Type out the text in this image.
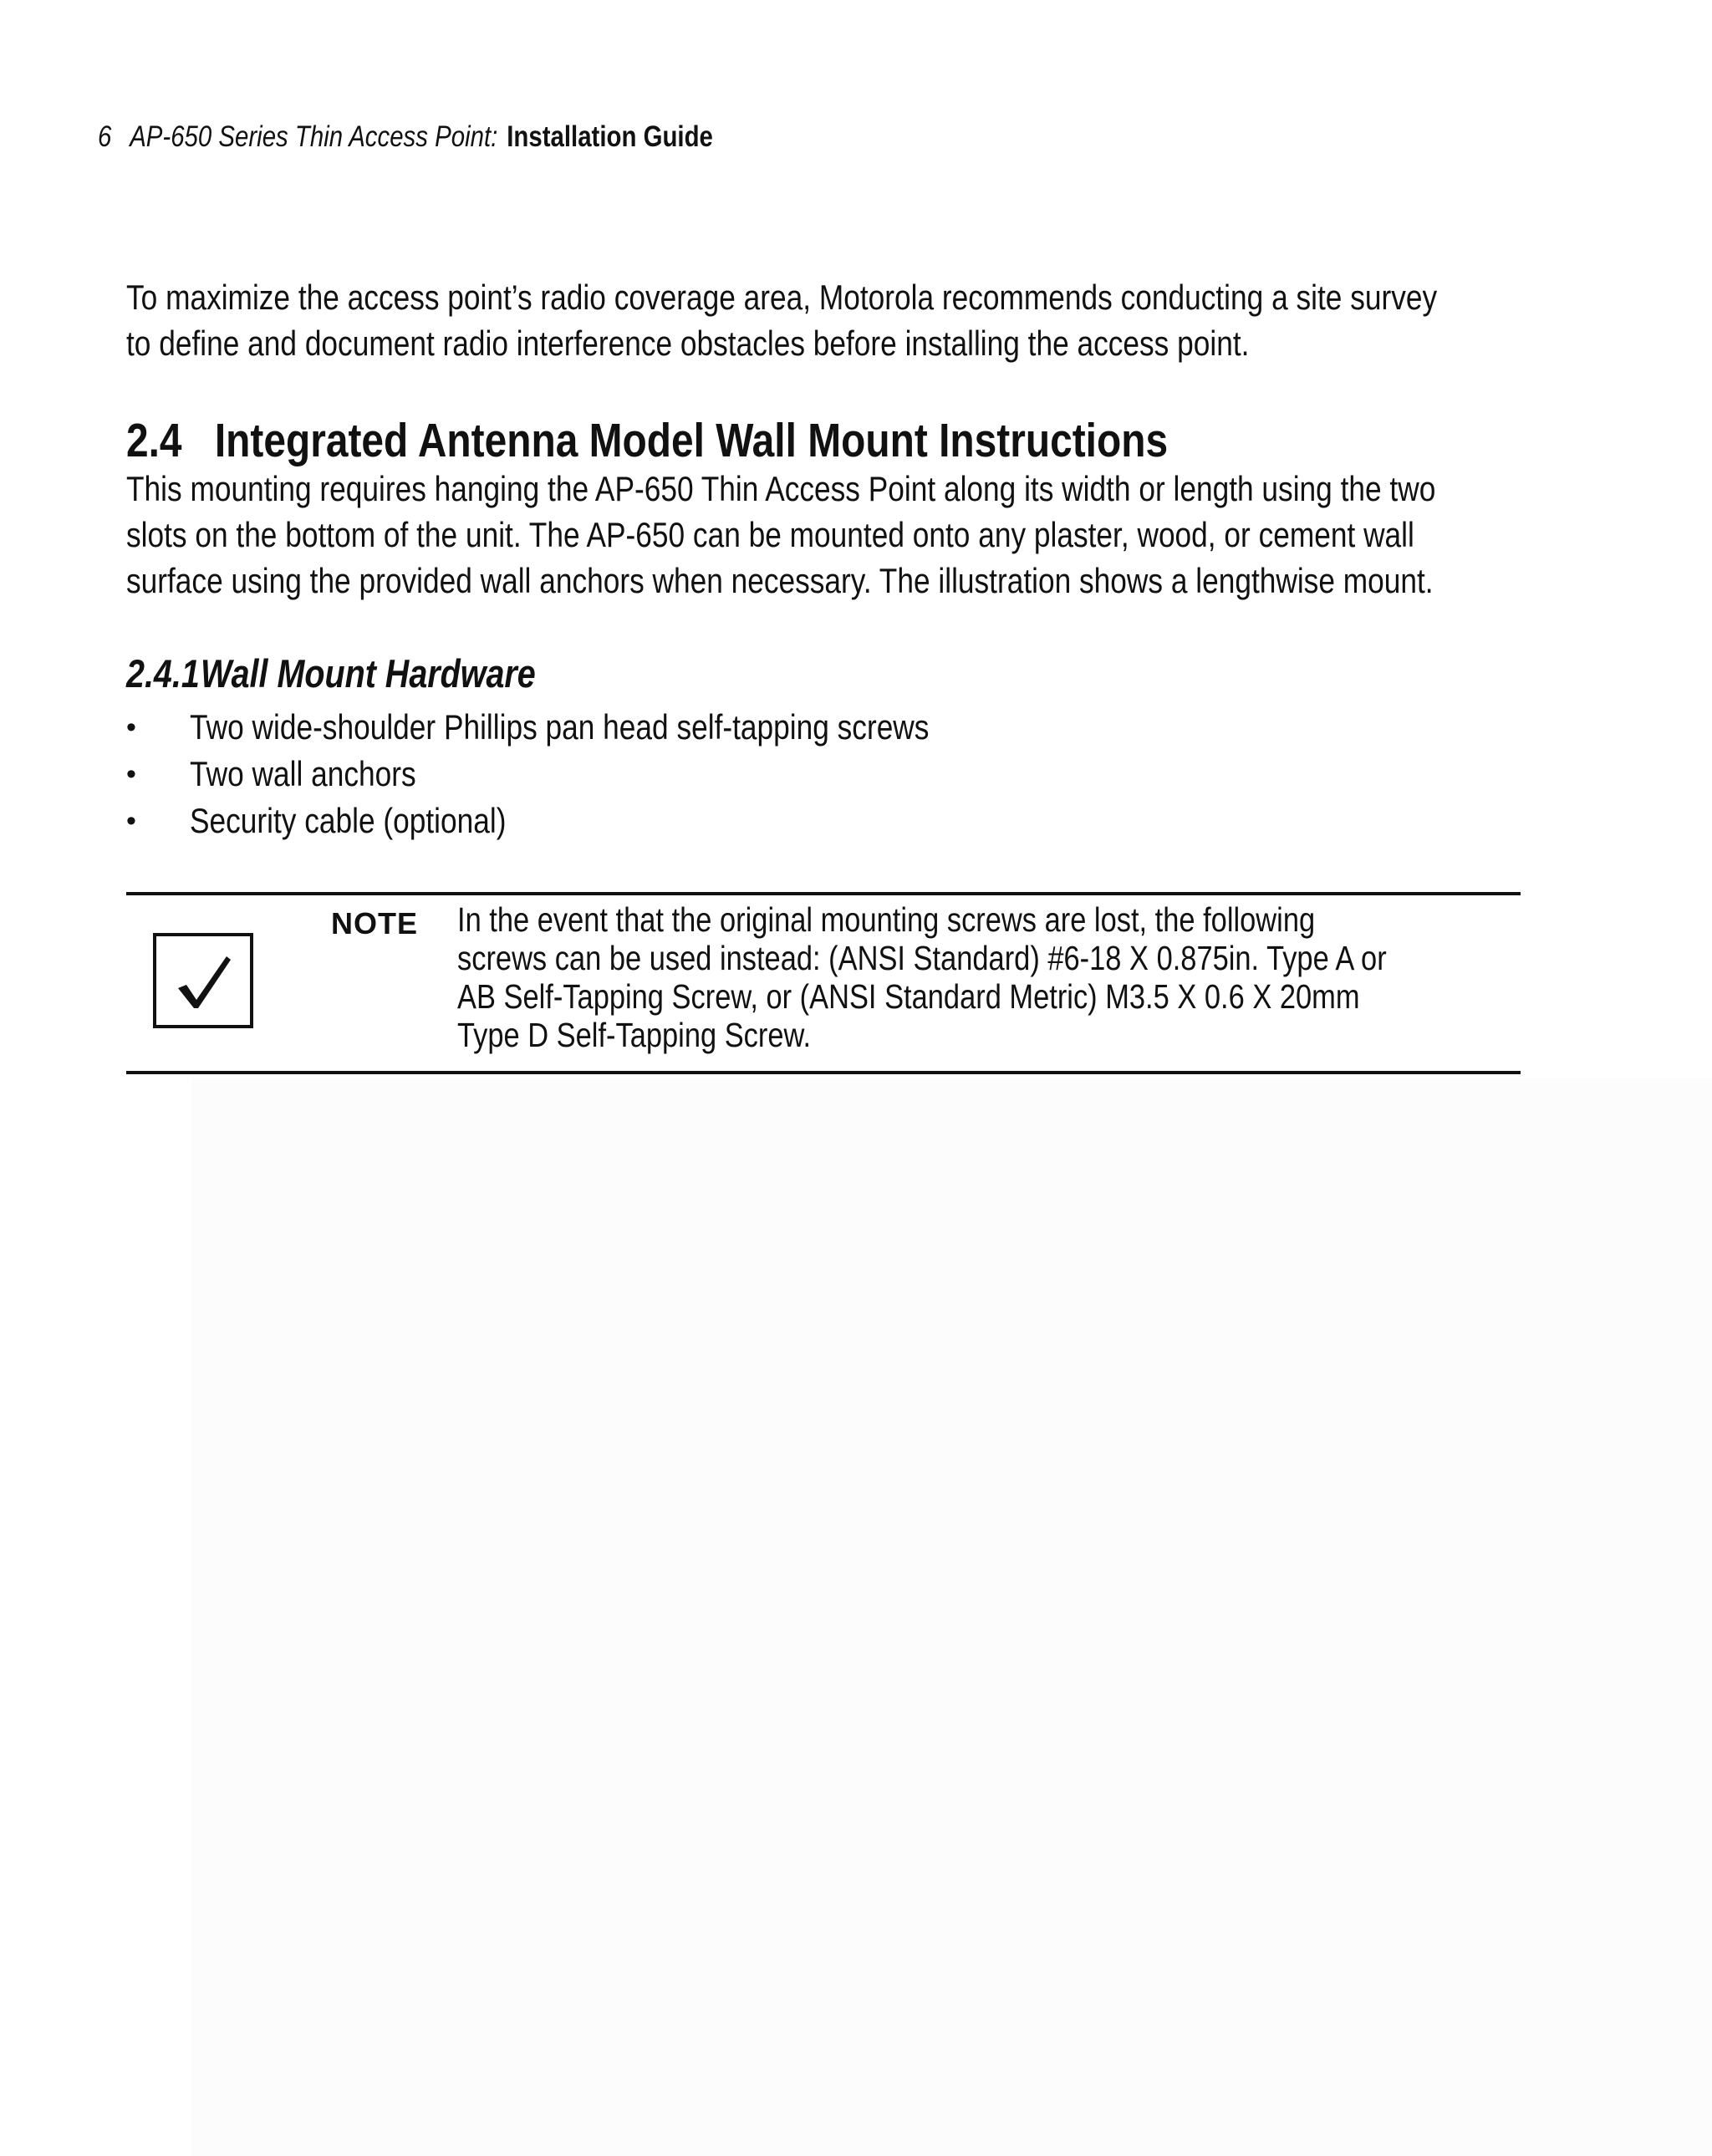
6 AP-650 Series Thin Access Point: Installation Guide
To maximize the access point’s radio coverage area, Motorola recommends conducting a site survey
to define and document radio interference obstacles before installing the access point.
2.4 Integrated Antenna Model Wall Mount Instructions
This mounting requires hanging the AP-650 Thin Access Point along its width or length using the two
slots on the bottom of the unit. The AP-650 can be mounted onto any plaster, wood, or cement wall
surface using the provided wall anchors when necessary. The illustration shows a lengthwise mount.
2.4.1Wall Mount Hardware
• Two wide-shoulder Phillips pan head self-tapping screws
• Two wall anchors
• Security cable (optional)
NOTE In the event that the original mounting screws are lost, the following
screws can be used instead: (ANSI Standard) #6-18 X 0.875in. Type A or
AB Self-Tapping Screw, or (ANSI Standard Metric) M3.5 X 0.6 X 20mm
Type D Self-Tapping Screw.
